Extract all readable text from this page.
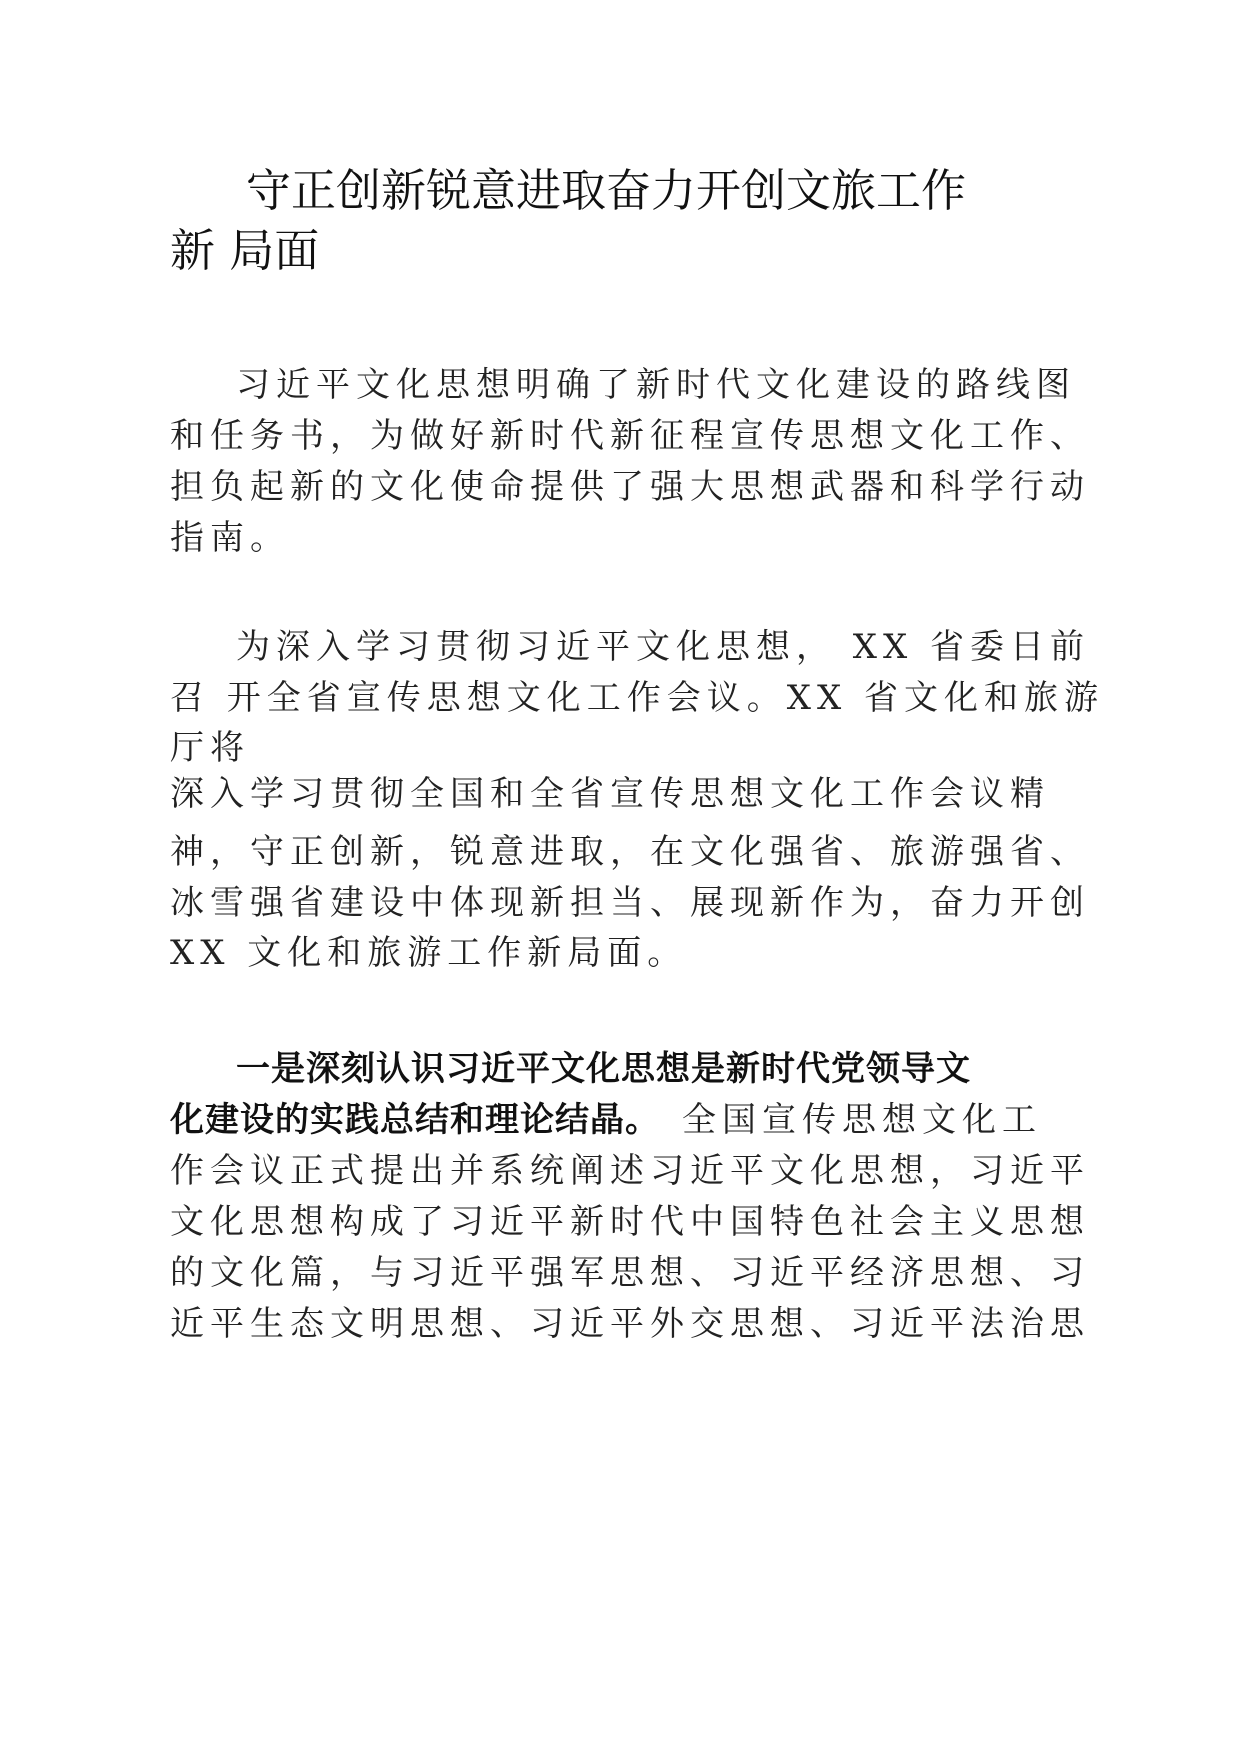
守正创新锐意进取奋力开创文旅工作
新 局面
习近平文化思想明确了新时代文化建设的路线图
和任务书，为做好新时代新征程宣传思想文化工作、
担负起新的文化使命提供了强大思想武器和科学行动
指南。
为深入学习贯彻习近平文化思想， XX 省委日前
召 开全省宣传思想文化工作会议。XX 省文化和旅游
厅将
深入学习贯彻全国和全省宣传思想文化工作会议精
神，守正创新，锐意进取，在文化强省、旅游强省、
冰雪强省建设中体现新担当、展现新作为，奋力开创
XX 文化和旅游工作新局面。
一是深刻认识习近平文化思想是新时代党领导文
化建设的实践总结和理论结晶。 全国宣传思想文化工
作会议正式提出并系统阐述习近平文化思想，习近平
文化思想构成了习近平新时代中国特色社会主义思想
的文化篇，与习近平强军思想、习近平经济思想、习
近平生态文明思想、习近平外交思想、习近平法治思
